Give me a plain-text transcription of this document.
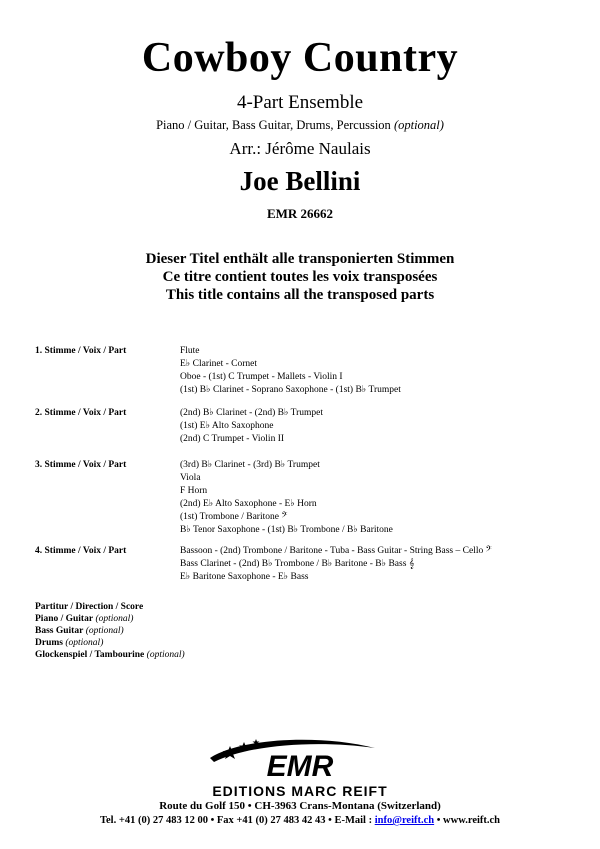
Cowboy Country
4-Part Ensemble
Piano / Guitar, Bass Guitar, Drums, Percussion (optional)
Arr.: Jérôme Naulais
Joe Bellini
EMR 26662
Dieser Titel enthält alle transponierten Stimmen
Ce titre contient toutes les voix transposées
This title contains all the transposed parts
1. Stimme / Voix / Part	Flute
E♭ Clarinet - Cornet
Oboe - (1st) C Trumpet - Mallets - Violin I
(1st) B♭ Clarinet - Soprano Saxophone - (1st) B♭ Trumpet
2. Stimme / Voix / Part	(2nd) B♭ Clarinet - (2nd) B♭ Trumpet
(1st) E♭ Alto Saxophone
(2nd) C Trumpet - Violin II
3. Stimme / Voix / Part	(3rd) B♭ Clarinet - (3rd) B♭ Trumpet
Viola
F Horn
(2nd) E♭ Alto Saxophone - E♭ Horn
(1st) Trombone / Baritone 𝄢
B♭ Tenor Saxophone - (1st) B♭ Trombone / B♭ Baritone
4. Stimme / Voix / Part	Bassoon - (2nd) Trombone / Baritone - Tuba - Bass Guitar - String Bass – Cello 𝄢
Bass Clarinet - (2nd) B♭ Trombone / B♭ Baritone - B♭ Bass 𝄞
E♭ Baritone Saxophone - E♭ Bass
Partitur / Direction / Score
Piano / Guitar (optional)
Bass Guitar (optional)
Drums (optional)
Glockenspiel / Tambourine (optional)
EMR
EDITIONS MARC REIFT
Route du Golf 150 • CH-3963 Crans-Montana (Switzerland)
Tel. +41 (0) 27 483 12 00 • Fax +41 (0) 27 483 42 43 • E-Mail : info@reift.ch • www.reift.ch
